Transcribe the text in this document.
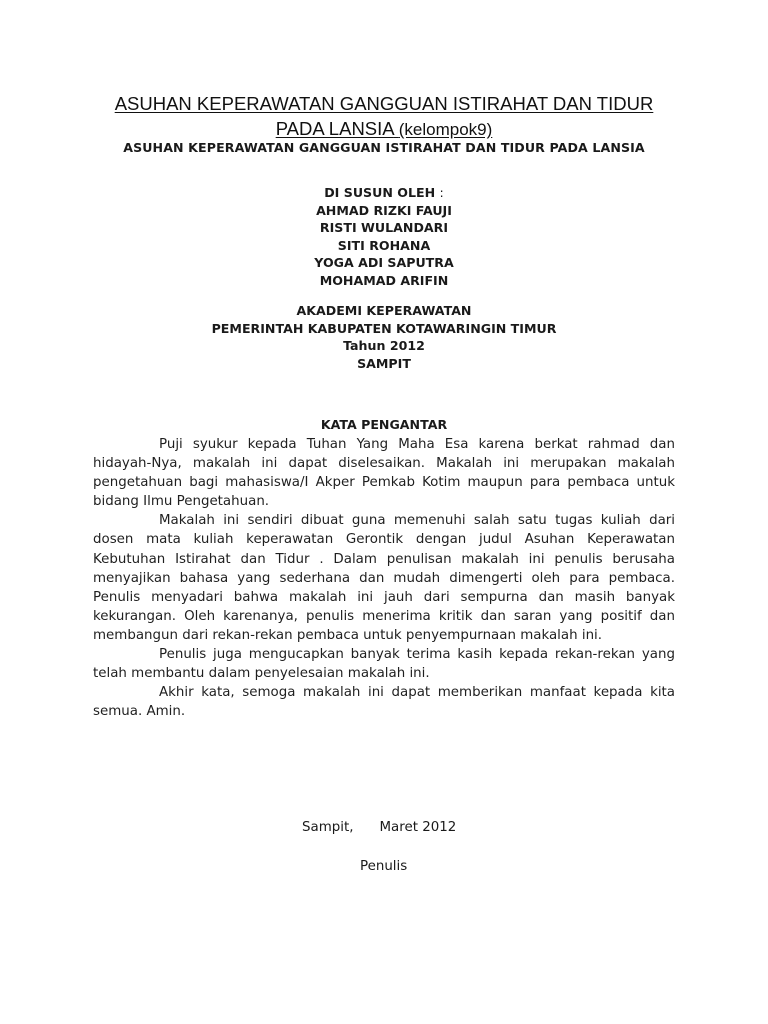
ASUHAN KEPERAWATAN GANGGUAN ISTIRAHAT DAN TIDUR PADA LANSIA (kelompok9)
ASUHAN KEPERAWATAN GANGGUAN ISTIRAHAT DAN TIDUR PADA LANSIA
DI SUSUN OLEH :
AHMAD RIZKI FAUJI
RISTI WULANDARI
SITI ROHANA
YOGA ADI SAPUTRA
MOHAMAD ARIFIN
AKADEMI KEPERAWATAN
PEMERINTAH KABUPATEN KOTAWARINGIN TIMUR
Tahun 2012
SAMPIT
KATA PENGANTAR

Puji syukur kepada Tuhan Yang Maha Esa karena berkat rahmad dan hidayah-Nya, makalah ini dapat diselesaikan. Makalah ini merupakan makalah pengetahuan bagi mahasiswa/I Akper Pemkab Kotim maupun para pembaca untuk bidang Ilmu Pengetahuan.

Makalah ini sendiri dibuat guna memenuhi salah satu tugas kuliah dari dosen mata kuliah keperawatan Gerontik dengan judul Asuhan Keperawatan Kebutuhan Istirahat dan Tidur . Dalam penulisan makalah ini penulis berusaha menyajikan bahasa yang sederhana dan mudah dimengerti oleh para pembaca. Penulis menyadari bahwa makalah ini jauh dari sempurna dan masih banyak kekurangan. Oleh karenanya, penulis menerima kritik dan saran yang positif dan membangun dari rekan-rekan pembaca untuk penyempurnaan makalah ini.

Penulis juga mengucapkan banyak terima kasih kepada rekan-rekan yang telah membantu dalam penyelesaian makalah ini.

Akhir kata, semoga makalah ini dapat memberikan manfaat kepada kita semua. Amin.

Sampit, Maret 2012
Penulis
